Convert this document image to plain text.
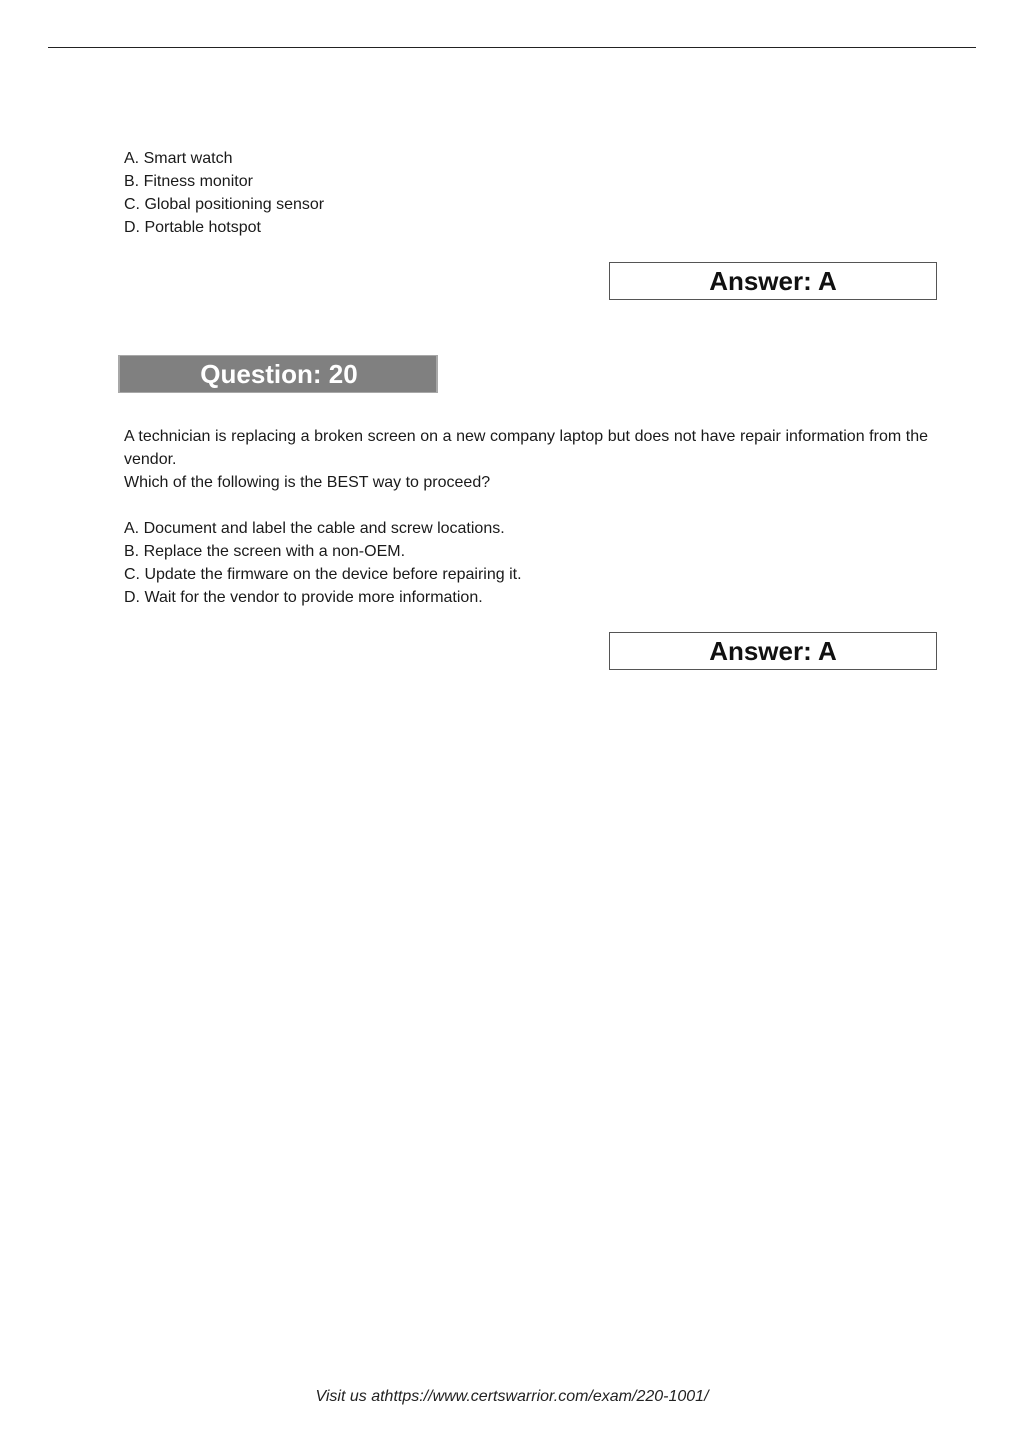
A. Smart watch
B. Fitness monitor
C. Global positioning sensor
D. Portable hotspot
Answer: A
Question: 20

A technician is replacing a broken screen on a new company laptop but does not have repair information from the vendor.

Which of the following is the BEST way to proceed?

A. Document and label the cable and screw locations.
B. Replace the screen with a non-OEM.
C. Update the firmware on the device before repairing it.
D. Wait for the vendor to provide more information.
Answer: A
Visit us athttps://www.certswarrior.com/exam/220-1001/
